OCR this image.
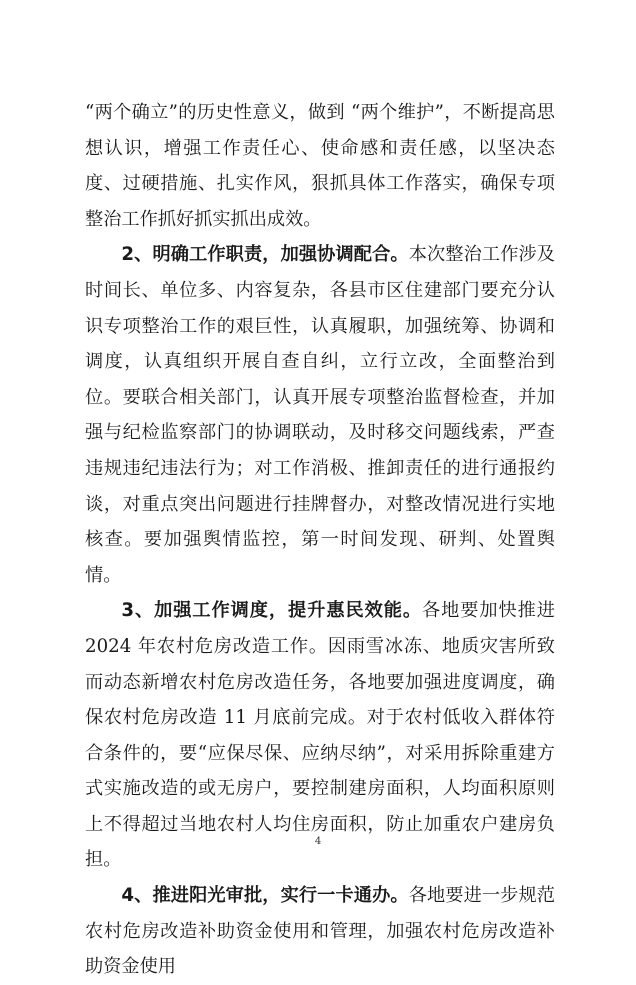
“两个确立”的历史性意义，做到 “两个维护”，不断提高思想认识，增强工作责任心、使命感和责任感，以坚决态度、过硬措施、扎实作风，狠抓具体工作落实，确保专项整治工作抓好抓实抓出成效。

2、明确工作职责，加强协调配合。本次整治工作涉及时间长、单位多、内容复杂，各县市区住建部门要充分认识专项整治工作的艰巨性，认真履职，加强统筹、协调和调度，认真组织开展自查自纠，立行立改，全面整治到位。要联合相关部门，认真开展专项整治监督检查，并加强与纪检监察部门的协调联动，及时移交问题线索，严查违规违纪违法行为；对工作消极、推卸责任的进行通报约谈，对重点突出问题进行挂牌督办，对整改情况进行实地核查。要加强舆情监控，第一时间发现、研判、处置舆情。

3、加强工作调度，提升惠民效能。各地要加快推进 2024 年农村危房改造工作。因雨雪冰冻、地质灾害所致而动态新增农村危房改造任务，各地要加强进度调度，确保农村危房改造 11 月底前完成。对于农村低收入群体符合条件的，要“应保尽保、应纳尽纳”，对采用拆除重建方式实施改造的或无房户，要控制建房面积，人均面积原则上不得超过当地农村人均住房面积，防止加重农户建房负担。

4、推进阳光审批，实行一卡通办。各地要进一步规范农村危房改造补助资金使用和管理，加强农村危房改造补助资金使用

4
